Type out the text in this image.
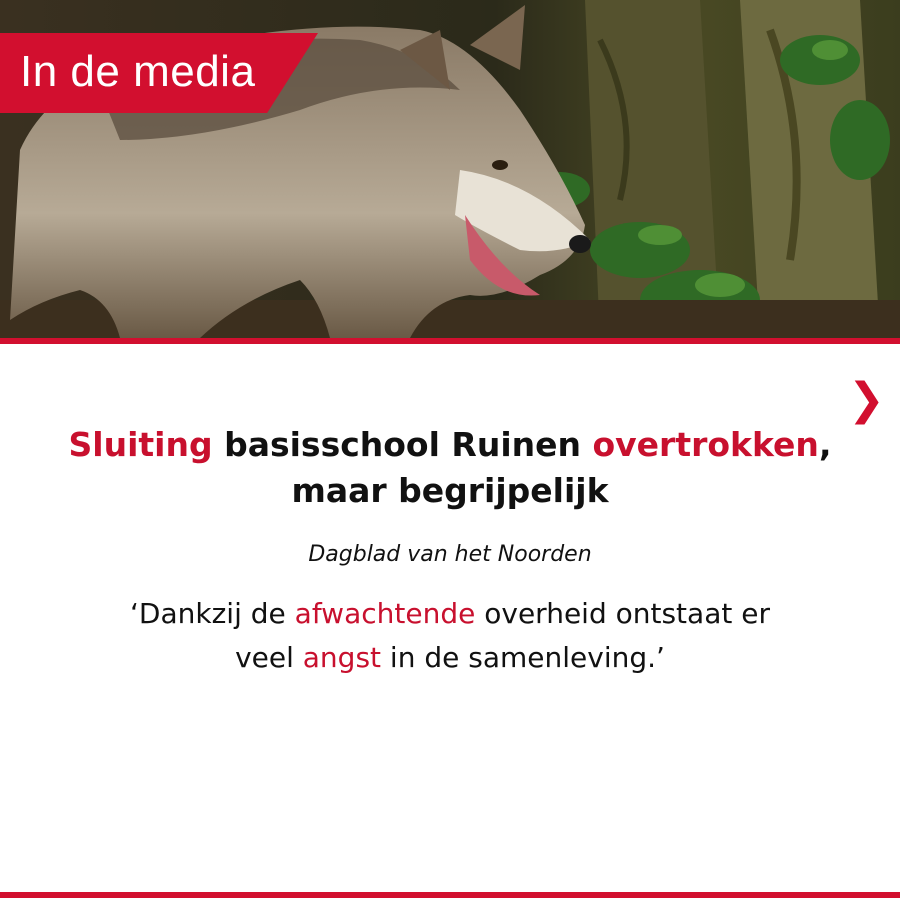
In de media
❯
Sluiting basisschool Ruinen overtrokken,
maar begrijpelijk
Dagblad van het Noorden
‘Dankzij de afwachtende overheid ontstaat er
veel angst in de samenleving.’
